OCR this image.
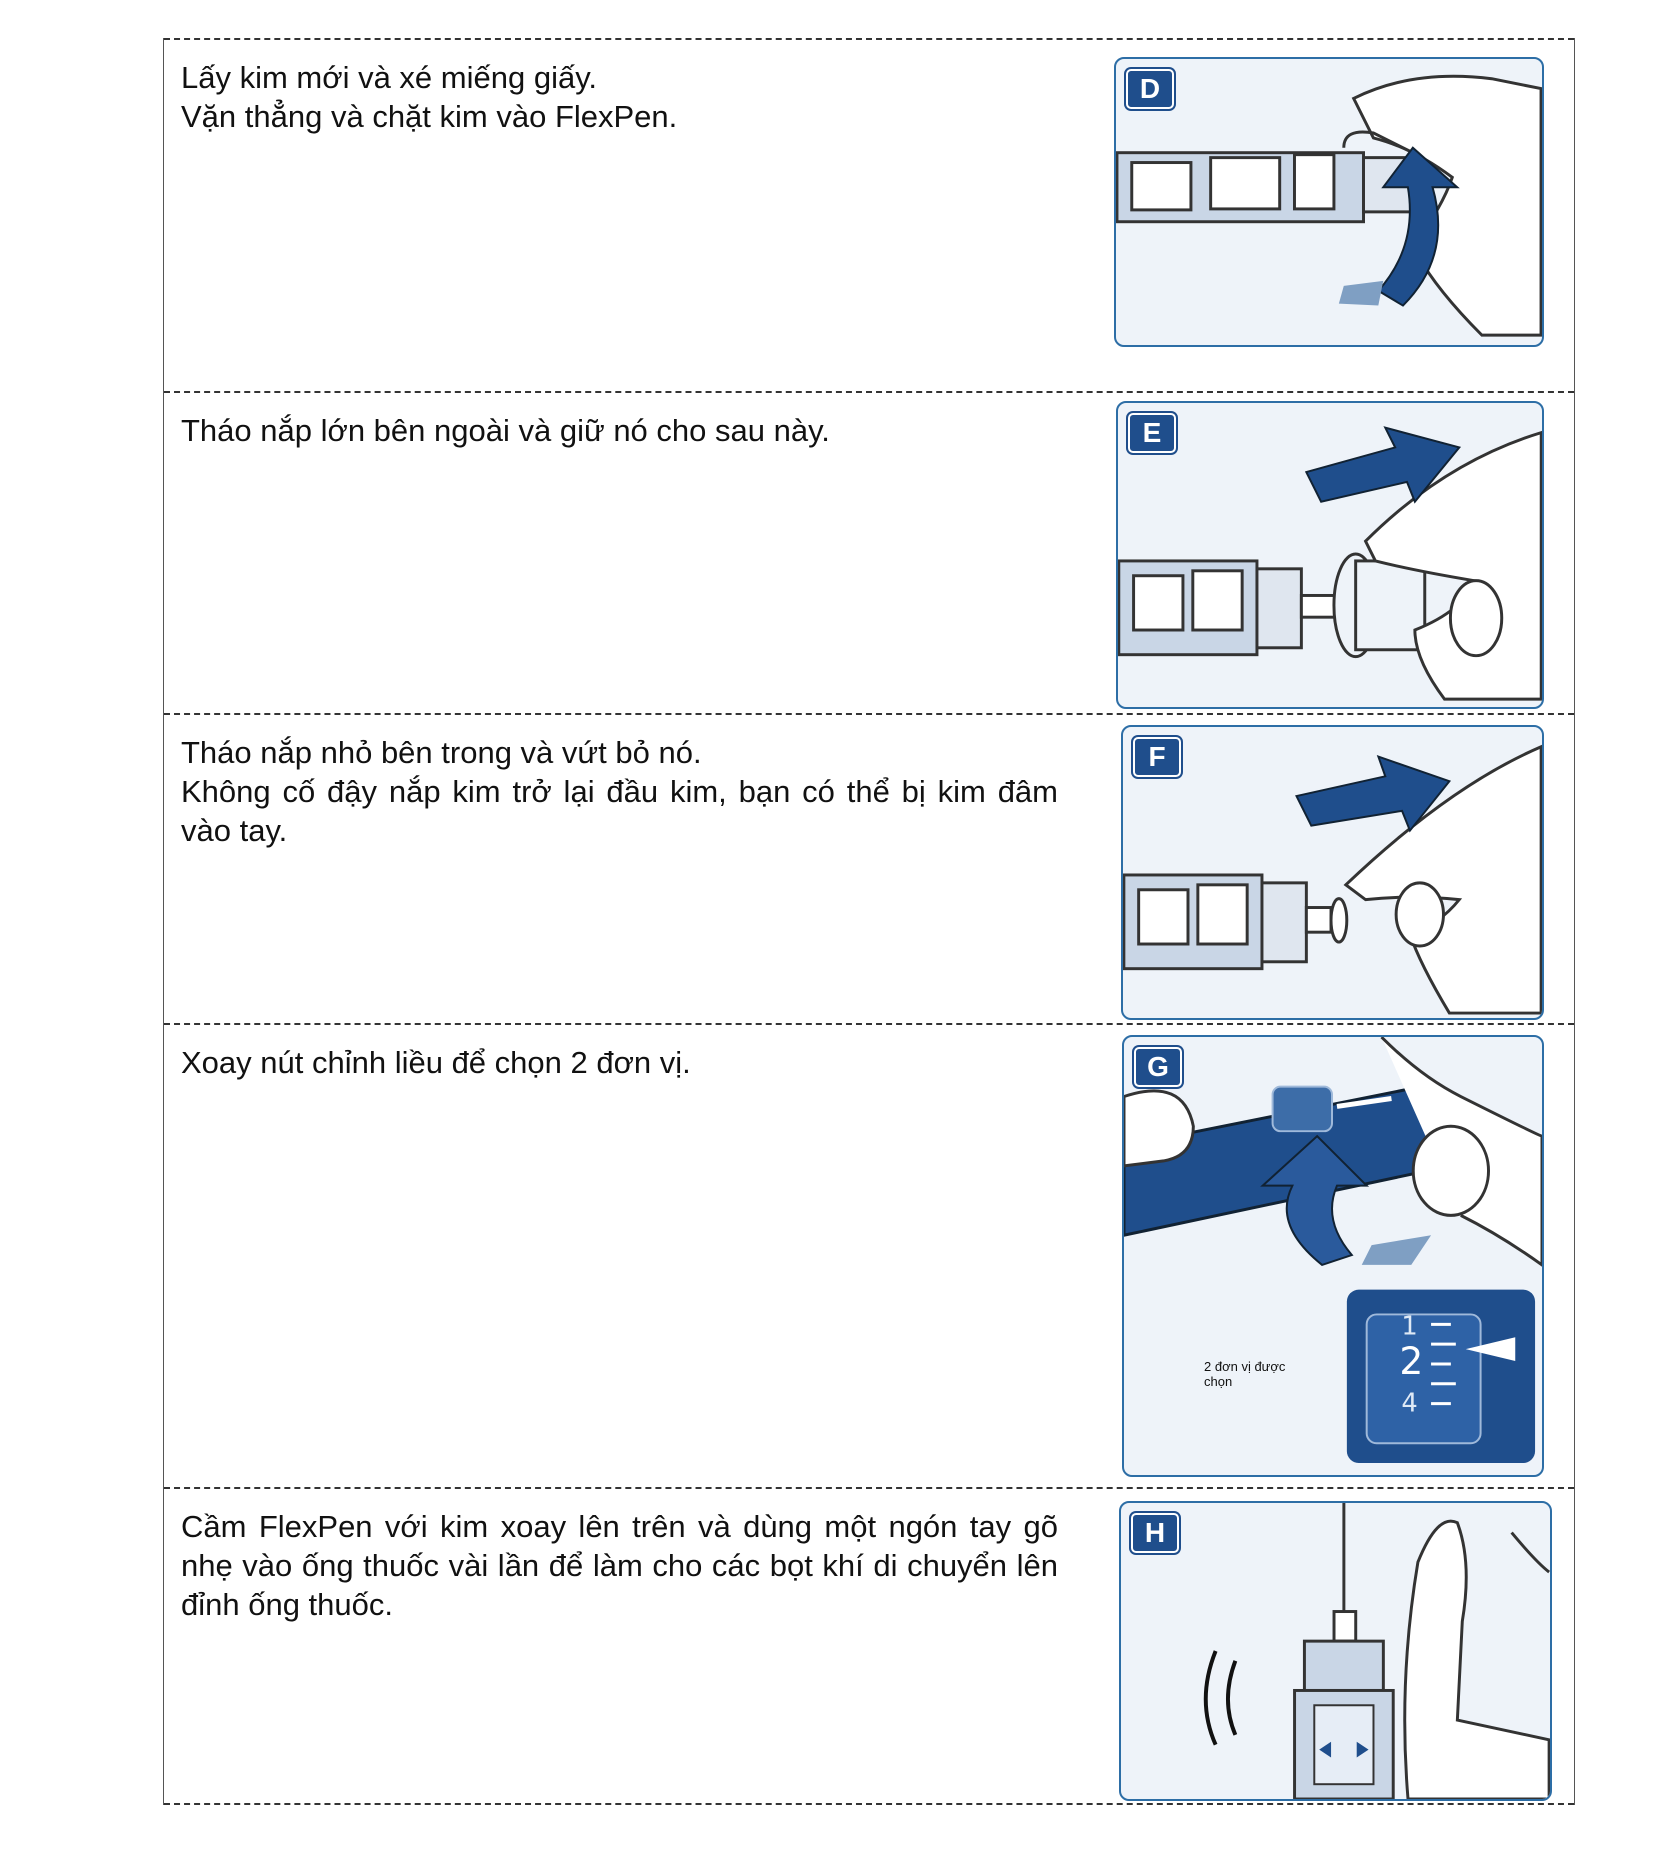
Lấy kim mới và xé miếng giấy.

Vặn thẳng và chặt kim vào FlexPen.

D

Tháo nắp lớn bên ngoài và giữ nó cho sau này.	E

Tháo nắp nhỏ bên trong và vứt bỏ nó.

Không cố đậy nắp kim trở lại đầu kim, bạn có thể bị kim đâm vào tay.

F

Xoay nút chỉnh liều để chọn 2 đơn vị.

1
2
4
G
2 đơn vị được chọn

Cầm FlexPen với kim xoay lên trên và dùng một ngón tay gõ nhẹ vào ống thuốc vài lần để làm cho các bọt khí di chuyển lên đỉnh ống thuốc.

H
